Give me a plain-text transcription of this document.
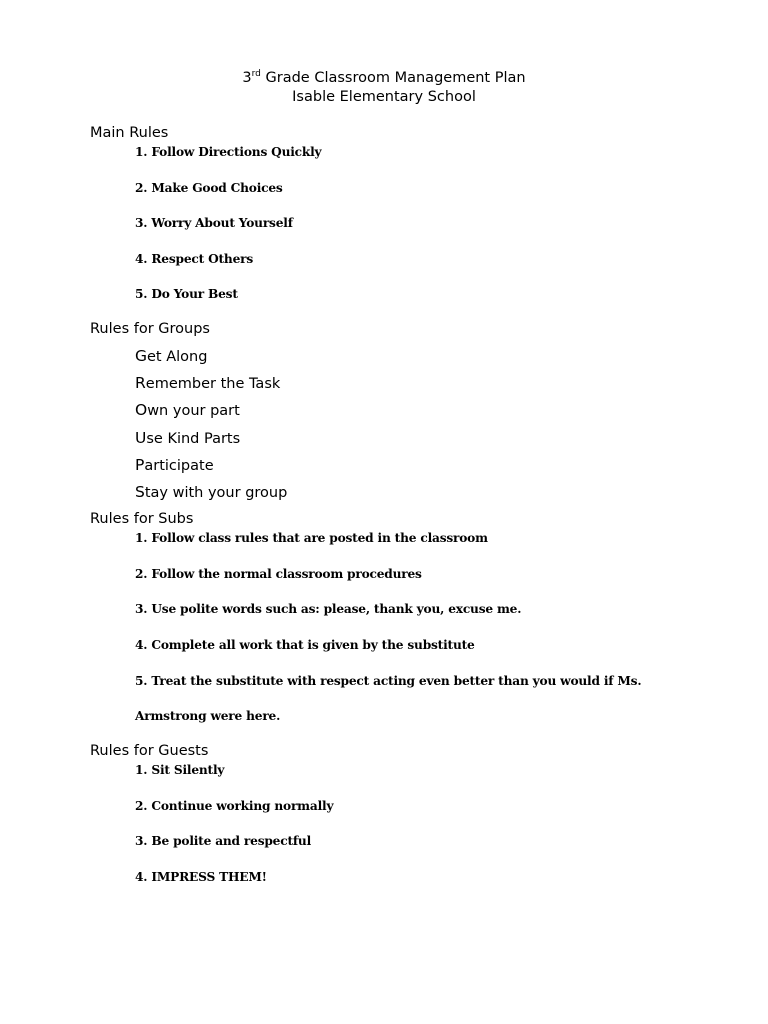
3rd Grade Classroom Management Plan
Isable Elementary School
Main Rules
1. Follow Directions Quickly
2. Make Good Choices
3. Worry About Yourself
4. Respect Others
5. Do Your Best
Rules for Groups
Get Along
Remember the Task
Own your part
Use Kind Parts
Participate
Stay with your group
Rules for Subs
1. Follow class rules that are posted in the classroom
2. Follow the normal classroom procedures
3. Use polite words such as: please, thank you, excuse me.
4. Complete all work that is given by the substitute
5. Treat the substitute with respect acting even better than you would if Ms.
Armstrong were here.
Rules for Guests
1. Sit Silently
2. Continue working normally
3. Be polite and respectful
4. IMPRESS THEM!
